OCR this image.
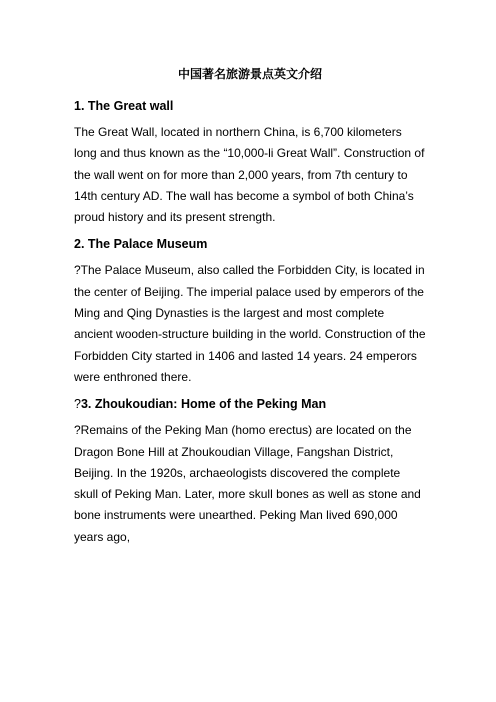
中国著名旅游景点英文介绍
1. The Great wall

The Great Wall, located in northern China, is 6,700 kilometers long and thus known as the “10,000-li Great Wall”. Construction of the wall went on for more than 2,000 years, from 7th century to 14th century AD. The wall has become a symbol of both China’s proud history and its present strength.

2. The Palace Museum

?The Palace Museum, also called the Forbidden City, is located in the center of Beijing. The imperial palace used by emperors of the Ming and Qing Dynasties is the largest and most complete ancient wooden-structure building in the world. Construction of the Forbidden City started in 1406 and lasted 14 years. 24 emperors were enthroned there.

?3. Zhoukoudian: Home of the Peking Man

?Remains of the Peking Man (homo erectus) are located on the Dragon Bone Hill at Zhoukoudian Village, Fangshan District, Beijing. In the 1920s, archaeologists discovered the complete skull of Peking Man. Later, more skull bones as well as stone and bone instruments were unearthed. Peking Man lived 690,000 years ago,
